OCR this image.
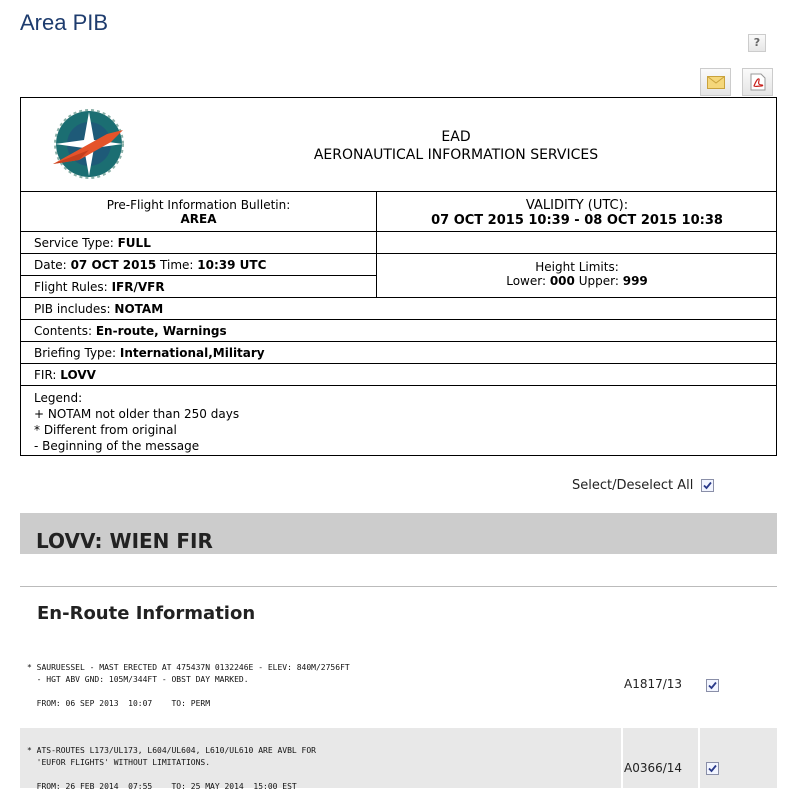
Area PIB
?
EAD
AERONAUTICAL INFORMATION SERVICES
Pre-Flight Information Bulletin:
AREA
VALIDITY (UTC):
07 OCT 2015 10:39 - 08 OCT 2015 10:38
Service Type: FULL
Date: 07 OCT 2015 Time: 10:39 UTC	Height Limits:
Lower: 000 Upper: 999
Flight Rules: IFR/VFR
PIB includes: NOTAM
Contents: En-route, Warnings
Briefing Type: International,Military
FIR: LOVV
Legend:
+ NOTAM not older than 250 days
* Different from original
- Beginning of the message
Select/Deselect All
LOVV: WIEN FIR
En-Route Information
* SAURUESSEL - MAST ERECTED AT 475437N 0132246E - ELEV: 840M/2756FT
- HGT ABV GND: 105M/344FT - OBST DAY MARKED.
FROM: 06 SEP 2013  10:07    TO: PERM
A1817/13
* ATS-ROUTES L173/UL173, L604/UL604, L610/UL610 ARE AVBL FOR
'EUFOR FLIGHTS' WITHOUT LIMITATIONS.
FROM: 26 FEB 2014  07:55    TO: 25 MAY 2014  15:00 EST
A0366/14
